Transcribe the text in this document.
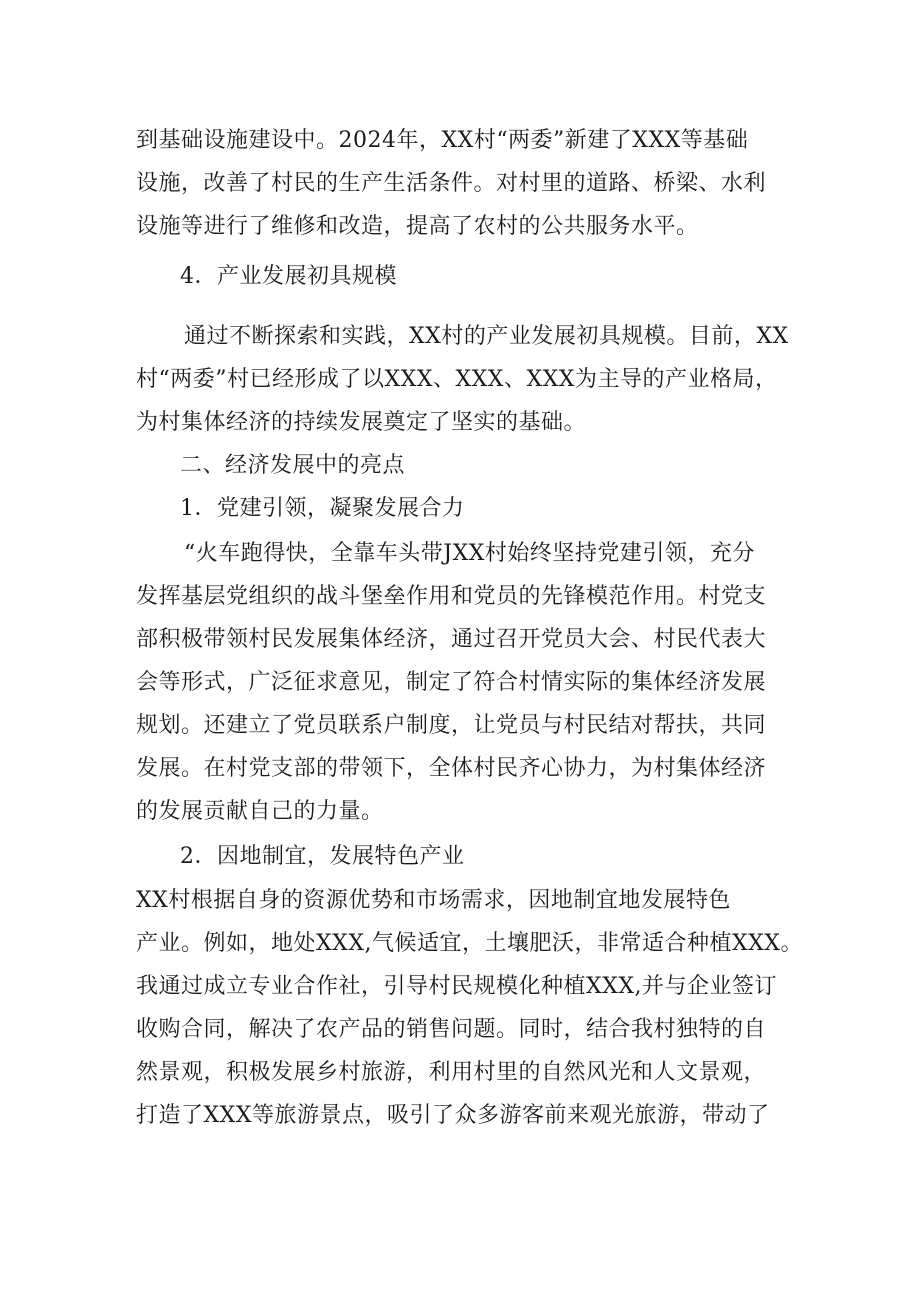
到基础设施建设中。2024年，XX村“两委”新建了XXX等基础
设施，改善了村民的生产生活条件。对村里的道路、桥梁、水利
设施等进行了维修和改造，提高了农村的公共服务水平。
4．产业发展初具规模
通过不断探索和实践，XX村的产业发展初具规模。目前，XX
村“两委”村已经形成了以XXX、XXX、XXX为主导的产业格局，
为村集体经济的持续发展奠定了坚实的基础。
二、经济发展中的亮点
1．党建引领，凝聚发展合力
“火车跑得快，全靠车头带JXX村始终坚持党建引领，充分
发挥基层党组织的战斗堡垒作用和党员的先锋模范作用。村党支
部积极带领村民发展集体经济，通过召开党员大会、村民代表大
会等形式，广泛征求意见，制定了符合村情实际的集体经济发展
规划。还建立了党员联系户制度，让党员与村民结对帮扶，共同
发展。在村党支部的带领下，全体村民齐心协力，为村集体经济
的发展贡献自己的力量。
2．因地制宜，发展特色产业
XX村根据自身的资源优势和市场需求，因地制宜地发展特色
产业。例如，地处XXX,气候适宜，土壤肥沃，非常适合种植XXX。
我通过成立专业合作社，引导村民规模化种植XXX,并与企业签订
收购合同，解决了农产品的销售问题。同时，结合我村独特的自
然景观，积极发展乡村旅游，利用村里的自然风光和人文景观，
打造了XXX等旅游景点，吸引了众多游客前来观光旅游，带动了
